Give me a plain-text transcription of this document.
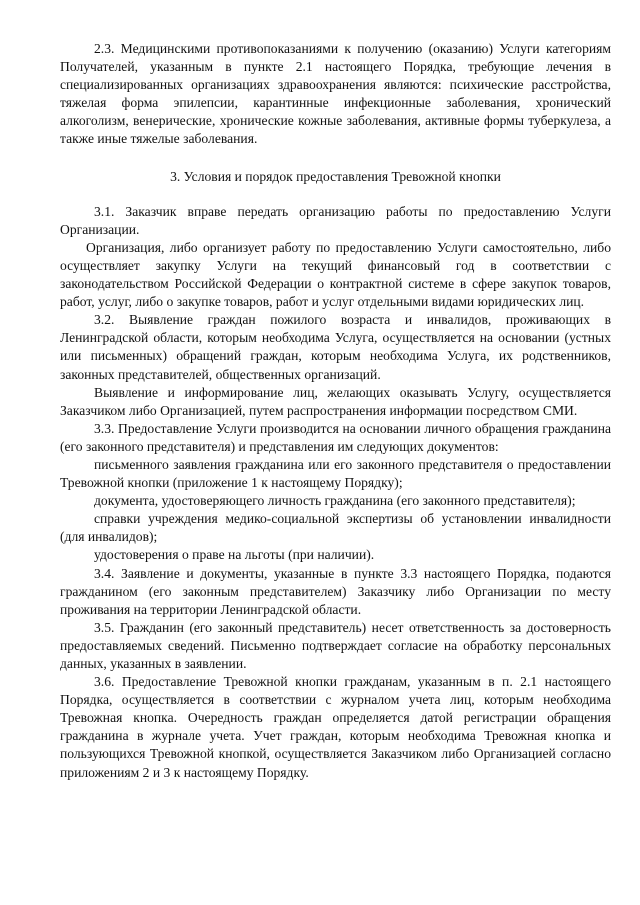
2.3. Медицинскими противопоказаниями к получению (оказанию) Услуги категориям Получателей, указанным в пункте 2.1 настоящего Порядка, требующие лечения в специализированных организациях здравоохранения являются: психические расстройства, тяжелая форма эпилепсии, карантинные инфекционные заболевания, хронический алкоголизм, венерические, хронические кожные заболевания, активные формы туберкулеза, а также иные тяжелые заболевания.

3. Условия и порядок предоставления Тревожной кнопки

3.1. Заказчик вправе передать организацию работы по предоставлению Услуги Организации.

Организация, либо организует работу по предоставлению Услуги самостоятельно, либо осуществляет закупку Услуги на текущий финансовый год в соответствии с законодательством Российской Федерации о контрактной системе в сфере закупок товаров, работ, услуг, либо о закупке товаров, работ и услуг отдельными видами юридических лиц.

3.2. Выявление граждан пожилого возраста и инвалидов, проживающих в Ленинградской области, которым необходима Услуга, осуществляется на основании (устных или письменных) обращений граждан, которым необходима Услуга, их родственников, законных представителей, общественных организаций.

Выявление и информирование лиц, желающих оказывать Услугу, осуществляется Заказчиком либо Организацией, путем распространения информации посредством СМИ.

3.3. Предоставление Услуги производится на основании личного обращения гражданина (его законного представителя) и представления им следующих документов:

письменного заявления гражданина или его законного представителя о предоставлении Тревожной кнопки (приложение 1 к настоящему Порядку);

документа, удостоверяющего личность гражданина (его законного представителя);

справки учреждения медико-социальной экспертизы об установлении инвалидности (для инвалидов);

удостоверения о праве на льготы (при наличии).

3.4. Заявление и документы, указанные в пункте 3.3 настоящего Порядка, подаются гражданином (его законным представителем) Заказчику либо Организации по месту проживания на территории Ленинградской области.

3.5. Гражданин (его законный представитель) несет ответственность за достоверность предоставляемых сведений. Письменно подтверждает согласие на обработку персональных данных, указанных в заявлении.

3.6. Предоставление Тревожной кнопки гражданам, указанным в п. 2.1 настоящего Порядка, осуществляется в соответствии с журналом учета лиц, которым необходима Тревожная кнопка. Очередность граждан определяется датой регистрации обращения гражданина в журнале учета. Учет граждан, которым необходима Тревожная кнопка и пользующихся Тревожной кнопкой, осуществляется Заказчиком либо Организацией согласно приложениям 2 и 3 к настоящему Порядку.
